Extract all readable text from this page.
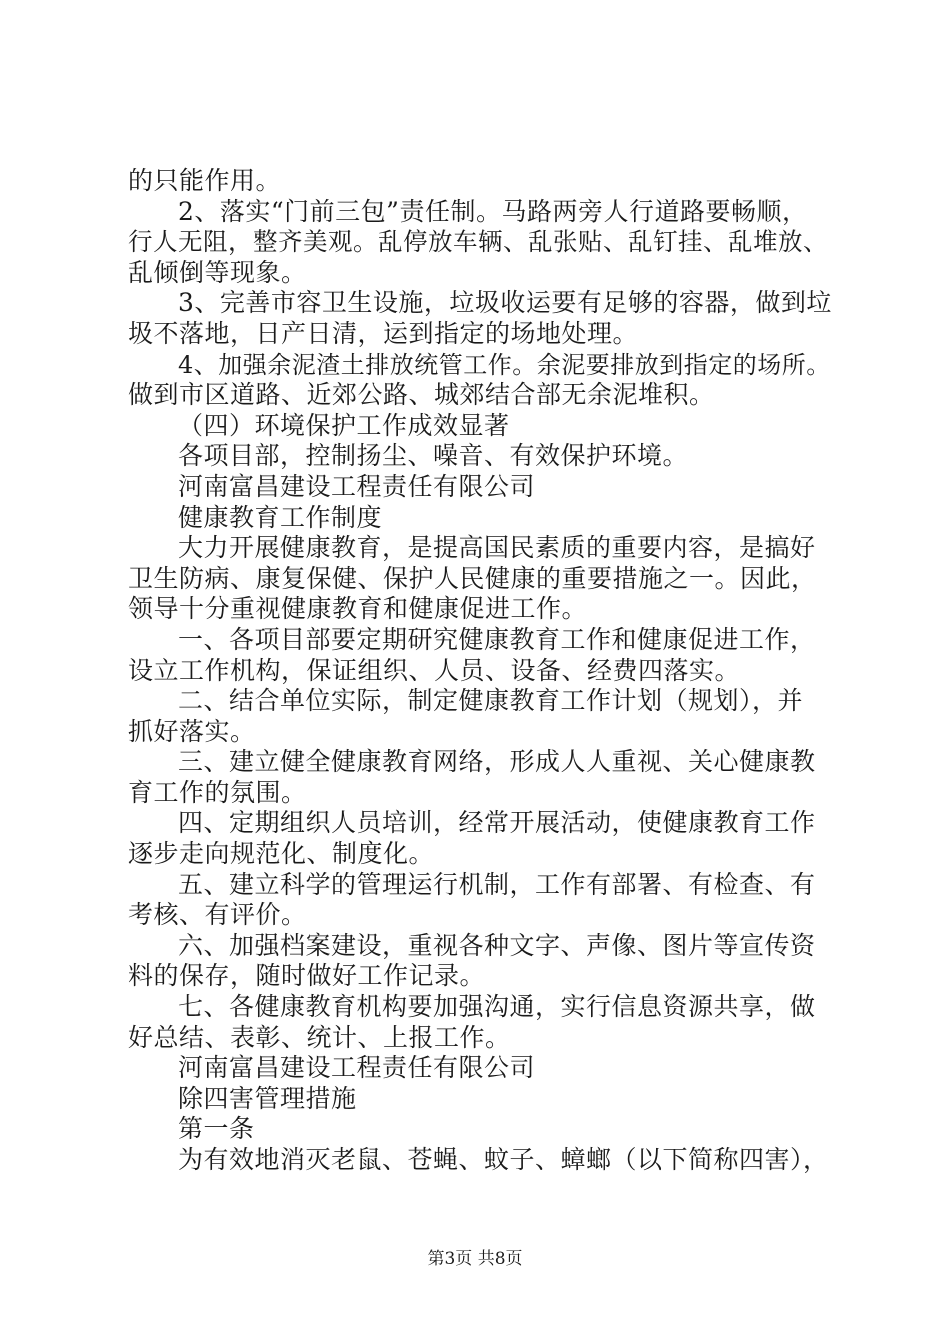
的只能作用。
2、落实“门前三包”责任制。马路两旁人行道路要畅顺，
行人无阻，整齐美观。乱停放车辆、乱张贴、乱钉挂、乱堆放、
乱倾倒等现象。
3、完善市容卫生设施，垃圾收运要有足够的容器，做到垃
圾不落地，日产日清，运到指定的场地处理。
4、加强余泥渣土排放统管工作。余泥要排放到指定的场所。
做到市区道路、近郊公路、城郊结合部无余泥堆积。
（四）环境保护工作成效显著
各项目部，控制扬尘、噪音、有效保护环境。
河南富昌建设工程责任有限公司
健康教育工作制度
大力开展健康教育，是提高国民素质的重要内容，是搞好
卫生防病、康复保健、保护人民健康的重要措施之一。因此，
领导十分重视健康教育和健康促进工作。
一、各项目部要定期研究健康教育工作和健康促进工作，
设立工作机构，保证组织、人员、设备、经费四落实。
二、结合单位实际，制定健康教育工作计划（规划），并
抓好落实。
三、建立健全健康教育网络，形成人人重视、关心健康教
育工作的氛围。
四、定期组织人员培训，经常开展活动，使健康教育工作
逐步走向规范化、制度化。
五、建立科学的管理运行机制，工作有部署、有检查、有
考核、有评价。
六、加强档案建设，重视各种文字、声像、图片等宣传资
料的保存，随时做好工作记录。
七、各健康教育机构要加强沟通，实行信息资源共享，做
好总结、表彰、统计、上报工作。
河南富昌建设工程责任有限公司
除四害管理措施
第一条
为有效地消灭老鼠、苍蝇、蚊子、蟑螂（以下简称四害），
第3页 共8页
